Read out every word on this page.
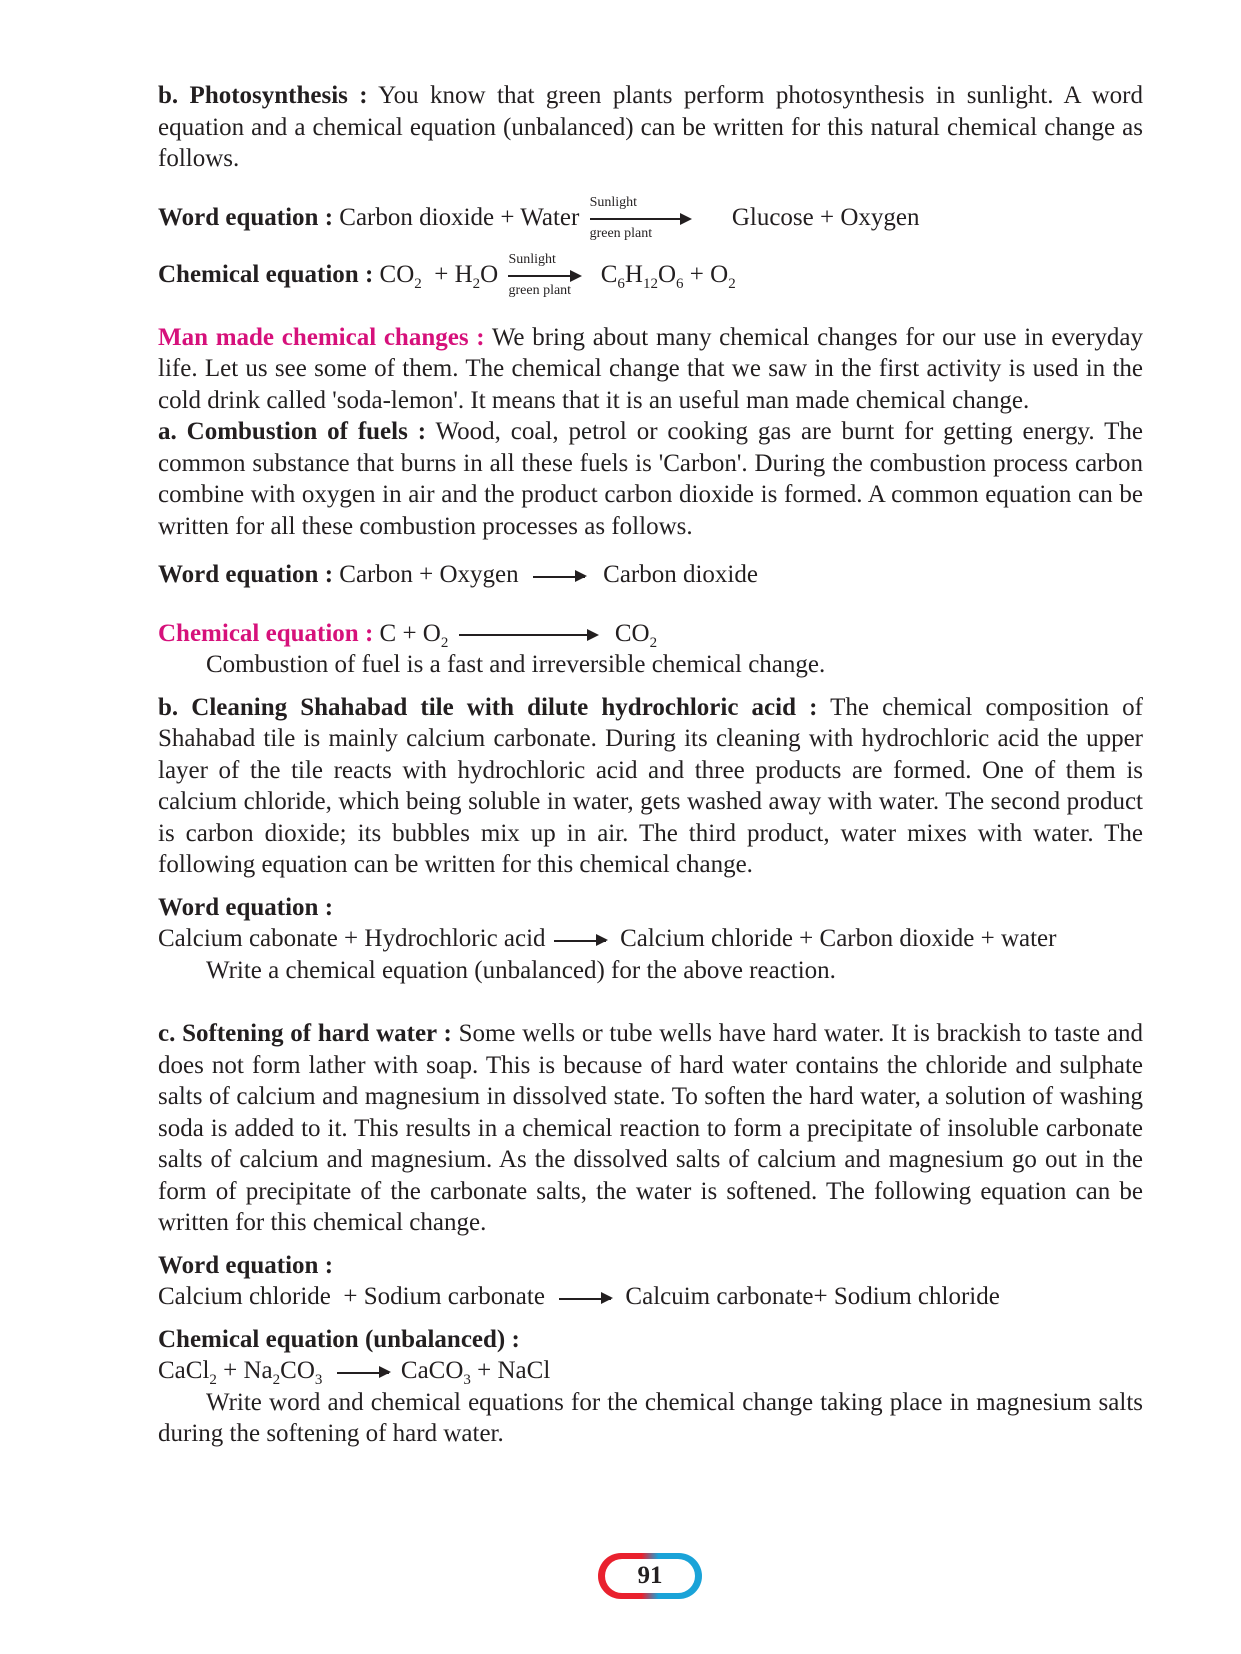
b. Photosynthesis : You know that green plants perform photosynthesis in sunlight. A word equation and a chemical equation (unbalanced) can be written for this natural chemical change as follows.

Word equation : Carbon dioxide + Water
Sunlight
green plant
Glucose + Oxygen
Chemical equation : $CO_2 + H_2O$
Sunlight
green plant
$C_6H_{12}O_6 + O_2$

Man made chemical changes : We bring about many chemical changes for our use in everyday life. Let us see some of them. The chemical change that we saw in the first activity is used in the cold drink called 'soda-lemon'. It means that it is an useful man made chemical change.

a. Combustion of fuels : Wood, coal, petrol or cooking gas are burnt for getting energy. The common substance that burns in all these fuels is 'Carbon'. During the combustion process carbon combine with oxygen in air and the product carbon dioxide is formed. A common equation can be written for all these combustion processes as follows.

Word equation : Carbon + Oxygen	Carbon dioxide
Chemical equation : $C + O_2$	$CO_2$

Combustion of fuel is a fast and irreversible chemical change.

b. Cleaning Shahabad tile with dilute hydrochloric acid : The chemical composition of Shahabad tile is mainly calcium carbonate. During its cleaning with hydrochloric acid the upper layer of the tile reacts with hydrochloric acid and three products are formed. One of them is calcium chloride, which being soluble in water, gets washed away with water. The second product is carbon dioxide; its bubbles mix up in air. The third product, water mixes with water. The following equation can be written for this chemical change.

Word equation :
Calcium cabonate + Hydrochloric acid	Calcium chloride + Carbon dioxide + water

Write a chemical equation (unbalanced) for the above reaction.

c. Softening of hard water : Some wells or tube wells have hard water. It is brackish to taste and does not form lather with soap. This is because of hard water contains the chloride and sulphate salts of calcium and magnesium in dissolved state. To soften the hard water, a solution of washing soda is added to it. This results in a chemical reaction to form a precipitate of insoluble carbonate salts of calcium and magnesium. As the dissolved salts of calcium and magnesium go out in the form of precipitate of the carbonate salts, the water is softened. The following equation can be written for this chemical change.

Word equation :
Calcium chloride  + Sodium carbonate	Calcuim carbonate+ Sodium chloride
Chemical equation (unbalanced) :
CaCl$_2$ + $Na_2CO_3$	CaCO$_3$ + NaCl

Write word and chemical equations for the chemical change taking place in magnesium salts during the softening of hard water.

91
